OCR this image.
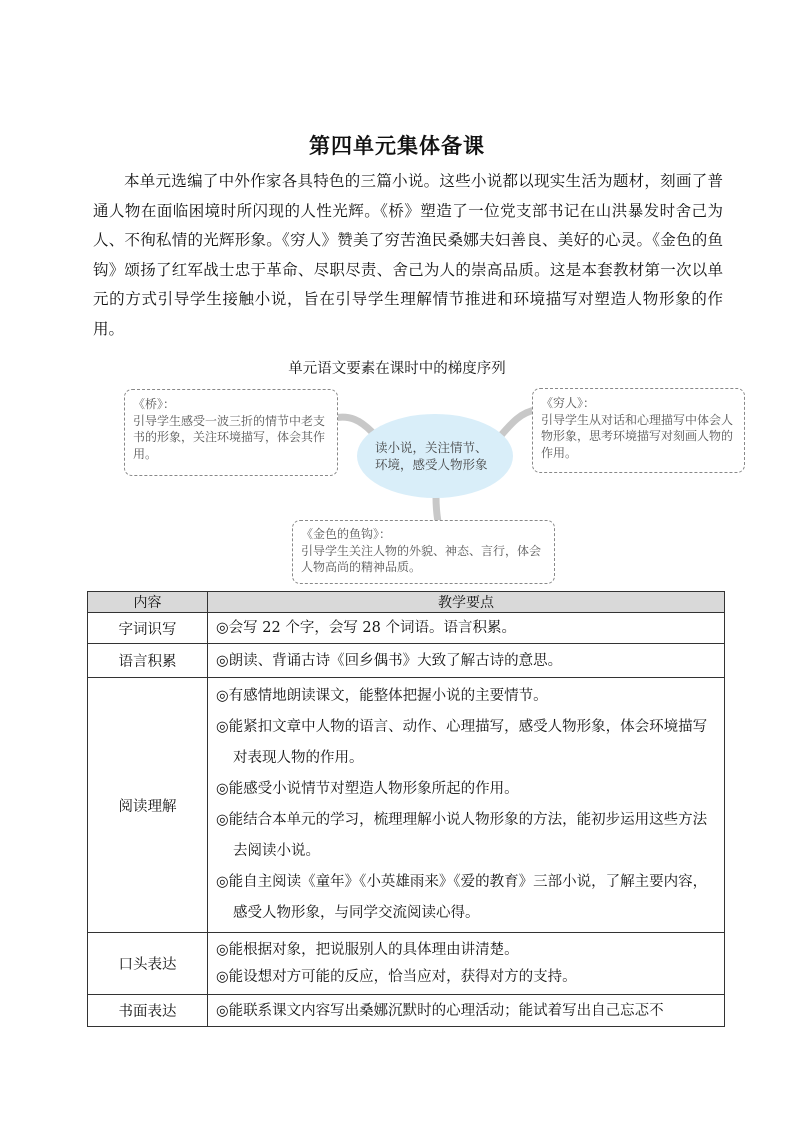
第四单元集体备课
本单元选编了中外作家各具特色的三篇小说。这些小说都以现实生活为题材，刻画了普通人物在面临困境时所闪现的人性光辉。《桥》塑造了一位党支部书记在山洪暴发时舍己为人、不徇私情的光辉形象。《穷人》赞美了穷苦渔民桑娜夫妇善良、美好的心灵。《金色的鱼钩》颂扬了红军战士忠于革命、尽职尽责、舍己为人的崇高品质。这是本套教材第一次以单元的方式引导学生接触小说，旨在引导学生理解情节推进和环境描写对塑造人物形象的作用。
单元语文要素在课时中的梯度序列
《桥》：
引导学生感受一波三折的情节中老支书的形象，关注环境描写，体会其作用。	读小说，关注情节、环境，感受人物形象
《穷人》：
引导学生从对话和心理描写中体会人物形象，思考环境描写对刻画人物的作用。
《金色的鱼钩》：
引导学生关注人物的外貌、神态、言行，体会人物高尚的精神品质。
内容	教学要点
字词识写	◎会写 22 个字，会写 28 个词语。语言积累。

语言积累	◎朗读、背诵古诗《回乡偶书》大致了解古诗的意思。

阅读理解	◎有感情地朗读课文，能整体把握小说的主要情节。
◎能紧扣文章中人物的语言、动作、心理描写，感受人物形象，体会环境描写对表现人物的作用。
◎能感受小说情节对塑造人物形象所起的作用。
◎能结合本单元的学习，梳理理解小说人物形象的方法，能初步运用这些方法去阅读小说。
◎能自主阅读《童年》《小英雄雨来》《爱的教育》三部小说，了解主要内容，感受人物形象，与同学交流阅读心得。

口头表达	◎能根据对象，把说服别人的具体理由讲清楚。
◎能设想对方可能的反应，恰当应对，获得对方的支持。

书面表达	◎能联系课文内容写出桑娜沉默时的心理活动；能试着写出自己忘忑不
